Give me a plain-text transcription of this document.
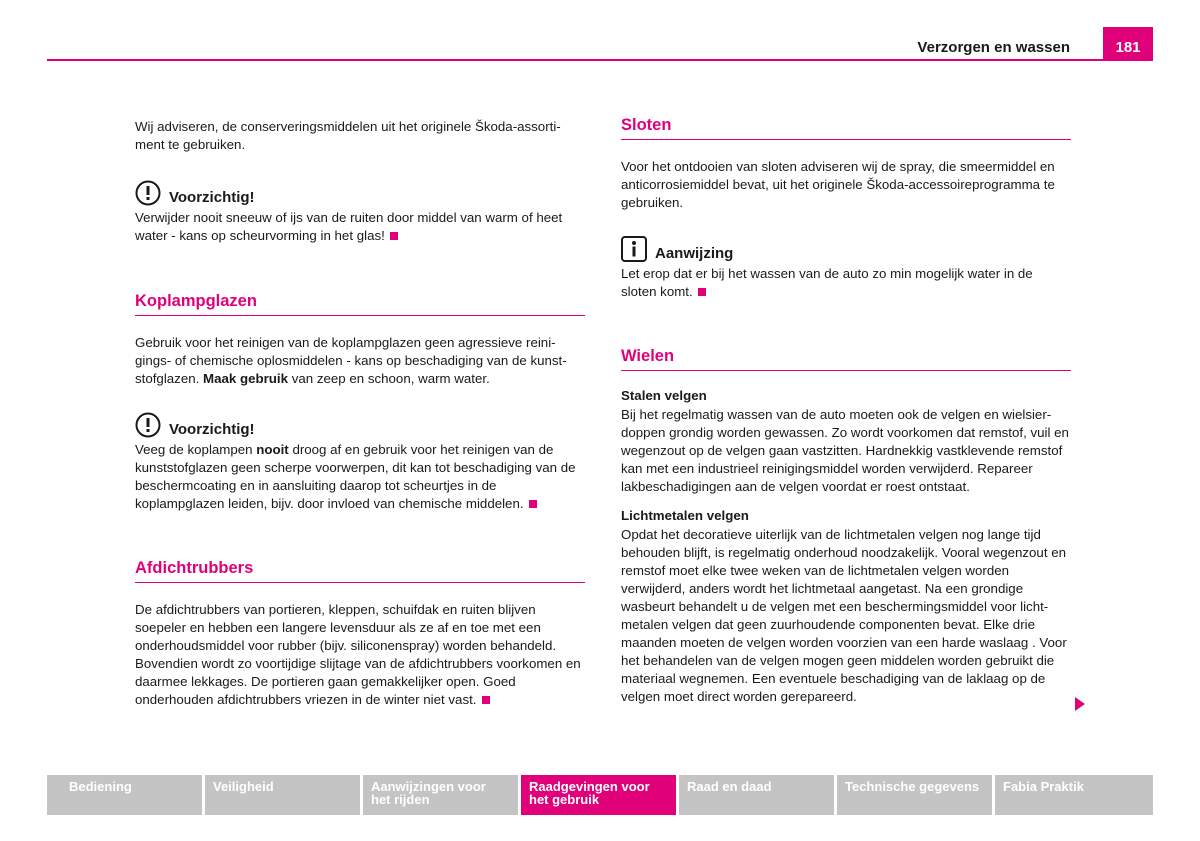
Verzorgen en wassen	181

Wij adviseren, de conserveringsmiddelen uit het originele Škoda-assorti-ment te gebruiken.

Voorzichtig!

Verwijder nooit sneeuw of ijs van de ruiten door middel van warm of heet water - kans op scheurvorming in het glas!

Koplampglazen

Gebruik voor het reinigen van de koplampglazen geen agressieve reini-gings- of chemische oplosmiddelen - kans op beschadiging van de kunst-stofglazen. Maak gebruik van zeep en schoon, warm water.

Voorzichtig!

Veeg de koplampen nooit droog af en gebruik voor het reinigen van de kunststofglazen geen scherpe voorwerpen, dit kan tot beschadiging van de beschermcoating en in aansluiting daarop tot scheurtjes in de koplampglazen leiden, bijv. door invloed van chemische middelen.

Afdichtrubbers

De afdichtrubbers van portieren, kleppen, schuifdak en ruiten blijven soepeler en hebben een langere levensduur als ze af en toe met een onderhoudsmiddel voor rubber (bijv. siliconenspray) worden behandeld. Bovendien wordt zo voortijdige slijtage van de afdichtrubbers voorkomen en daarmee lekkages. De portieren gaan gemakkelijker open. Goed onderhouden afdichtrubbers vriezen in de winter niet vast.

Sloten

Voor het ontdooien van sloten adviseren wij de spray, die smeermiddel en anticorrosiemiddel bevat, uit het originele Škoda-accessoireprogramma te gebruiken.

Aanwijzing

Let erop dat er bij het wassen van de auto zo min mogelijk water in de sloten komt.

Wielen
Stalen velgen

Bij het regelmatig wassen van de auto moeten ook de velgen en wielsier-doppen grondig worden gewassen. Zo wordt voorkomen dat remstof, vuil en wegenzout op de velgen gaan vastzitten. Hardnekkig vastklevende remstof kan met een industrieel reinigingsmiddel worden verwijderd. Repareer lakbeschadigingen aan de velgen voordat er roest ontstaat.

Lichtmetalen velgen

Opdat het decoratieve uiterlijk van de lichtmetalen velgen nog lange tijd behouden blijft, is regelmatig onderhoud noodzakelijk. Vooral wegenzout en remstof moet elke twee weken van de lichtmetalen velgen worden verwijderd, anders wordt het lichtmetaal aangetast. Na een grondige wasbeurt behandelt u de velgen met een beschermingsmiddel voor licht-metalen velgen dat geen zuurhoudende componenten bevat. Elke drie maanden moeten de velgen worden voorzien van een harde waslaag . Voor het behandelen van de velgen mogen geen middelen worden gebruikt die materiaal wegnemen. Een eventuele beschadiging van de laklaag op de velgen moet direct worden gerepareerd.

Bediening	Veiligheid	Aanwijzingen voor
het rijden
Raadgevingen voor
het gebruik
Raad en daad	Technische gegevens	Fabia Praktik
